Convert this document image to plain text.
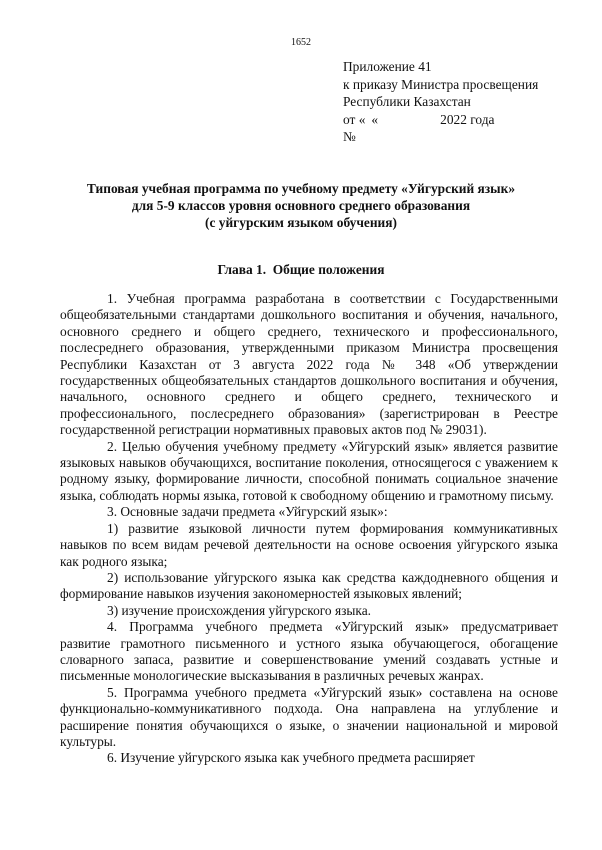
1652
Приложение 41
к приказу Министра просвещения
Республики Казахстан
от « «	2022 года
№
Типовая учебная программа по учебному предмету «Уйгурский язык»
для 5-9 классов уровня основного среднего образования
(с уйгурским языком обучения)
Глава 1.  Общие положения

1. Учебная программа разработана в соответствии с Государственными общеобязательными стандартами дошкольного воспитания и обучения, начального, основного среднего и общего среднего, технического и профессионального, послесреднего образования, утвержденными приказом Министра просвещения Республики Казахстан от 3 августа 2022 года № 348 «Об утверждении государственных общеобязательных стандартов дошкольного воспитания и обучения, начального, основного среднего и общего среднего, технического и профессионального, послесреднего образования» (зарегистрирован в Реестре государственной регистрации нормативных правовых актов под № 29031).

2. Целью обучения учебному предмету «Уйгурский язык» является развитие языковых навыков обучающихся, воспитание поколения, относящегося с уважением к родному языку, формирование личности, способной понимать социальное значение языка, соблюдать нормы языка, готовой к свободному общению и грамотному письму.

3. Основные задачи предмета «Уйгурский язык»:

1) развитие языковой личности путем формирования коммуникативных навыков по всем видам речевой деятельности на основе освоения уйгурского языка как родного языка;

2) использование уйгурского языка как средства каждодневного общения и формирование навыков изучения закономерностей языковых явлений;

3) изучение происхождения уйгурского языка.

4. Программа учебного предмета «Уйгурский язык» предусматривает развитие грамотного письменного и устного языка обучающегося, обогащение словарного запаса, развитие и совершенствование умений создавать устные и письменные монологические высказывания в различных речевых жанрах.

5. Программа учебного предмета «Уйгурский язык» составлена на основе функционально-коммуникативного подхода. Она направлена на углубление и расширение понятия обучающихся о языке, о значении национальной и мировой культуры.

6. Изучение уйгурского языка как учебного предмета расширяет
